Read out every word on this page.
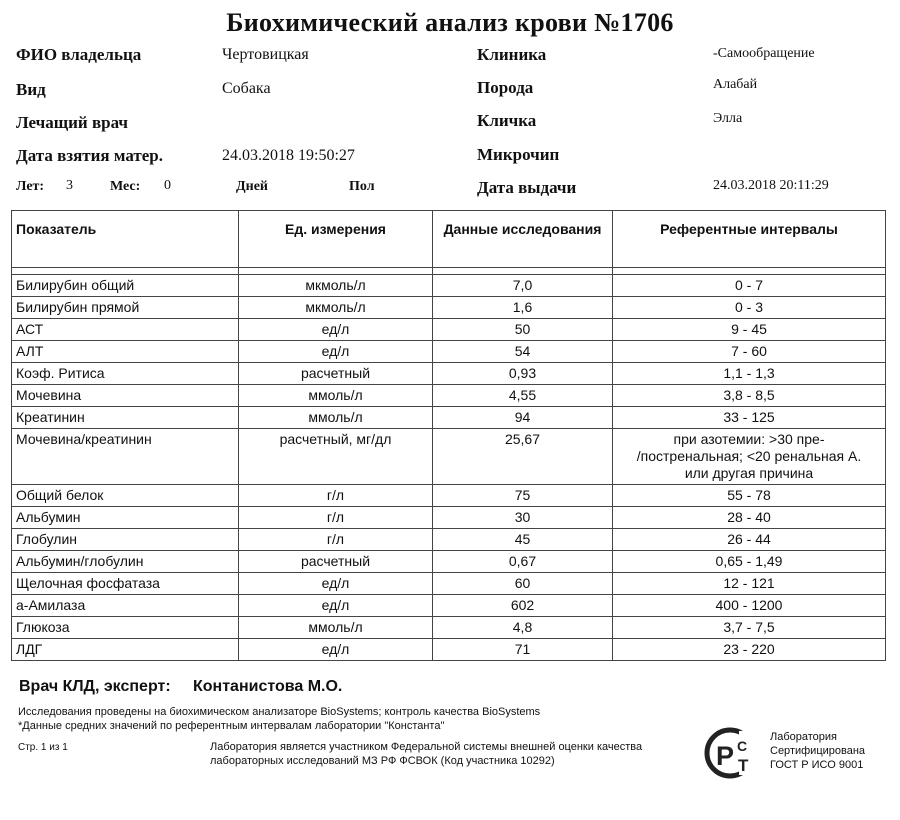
Биохимический анализ крови №1706
ФИО владельца	Чертовицкая
Вид	Собака
Лечащий врач
Дата взятия матер.	24.03.2018 19:50:27
Лет: 3	Мес: 0	Дней	Пол
Клиника	-Самообращение
Порода	Алабай
Кличка	Элла
Микрочип
Дата выдачи	24.03.2018 20:11:29
Показатель	Ед. измерения	Данные исследования	Референтные интервалы

Билирубин общий	мкмоль/л	7,0	0 - 7
Билирубин прямой	мкмоль/л	1,6	0 - 3
АСТ	ед/л	50	9 - 45
АЛТ	ед/л	54	7 - 60
Коэф. Ритиса	расчетный	0,93	1,1 - 1,3
Мочевина	ммоль/л	4,55	3,8 - 8,5
Креатинин	ммоль/л	94	33 - 125
Мочевина/креатинин	расчетный, мг/дл	25,67	при азотемии: >30 пре-
/постренальная; <20 ренальная А.
или другая причина
Общий белок	г/л	75	55 - 78
Альбумин	г/л	30	28 - 40
Глобулин	г/л	45	26 - 44
Альбумин/глобулин	расчетный	0,67	0,65 - 1,49
Щелочная фосфатаза	ед/л	60	12 - 121
а-Амилаза	ед/л	602	400 - 1200
Глюкоза	ммоль/л	4,8	3,7 - 7,5
ЛДГ	ед/л	71	23 - 220
Врач КЛД, эксперт: Контанистова М.О.
Исследования проведены на биохимическом анализаторе BioSystems; контроль качества BioSystems
*Данные средних значений по референтным интервалам лаборатории "Константа"
Стр. 1 из 1	Лаборатория является участником Федеральной системы внешней оценки качества
лабораторных исследований МЗ РФ ФСВОК (Код участника 10292)	Р С
Т
Лаборатория
Сертифицирована
ГОСТ Р ИСО 9001
